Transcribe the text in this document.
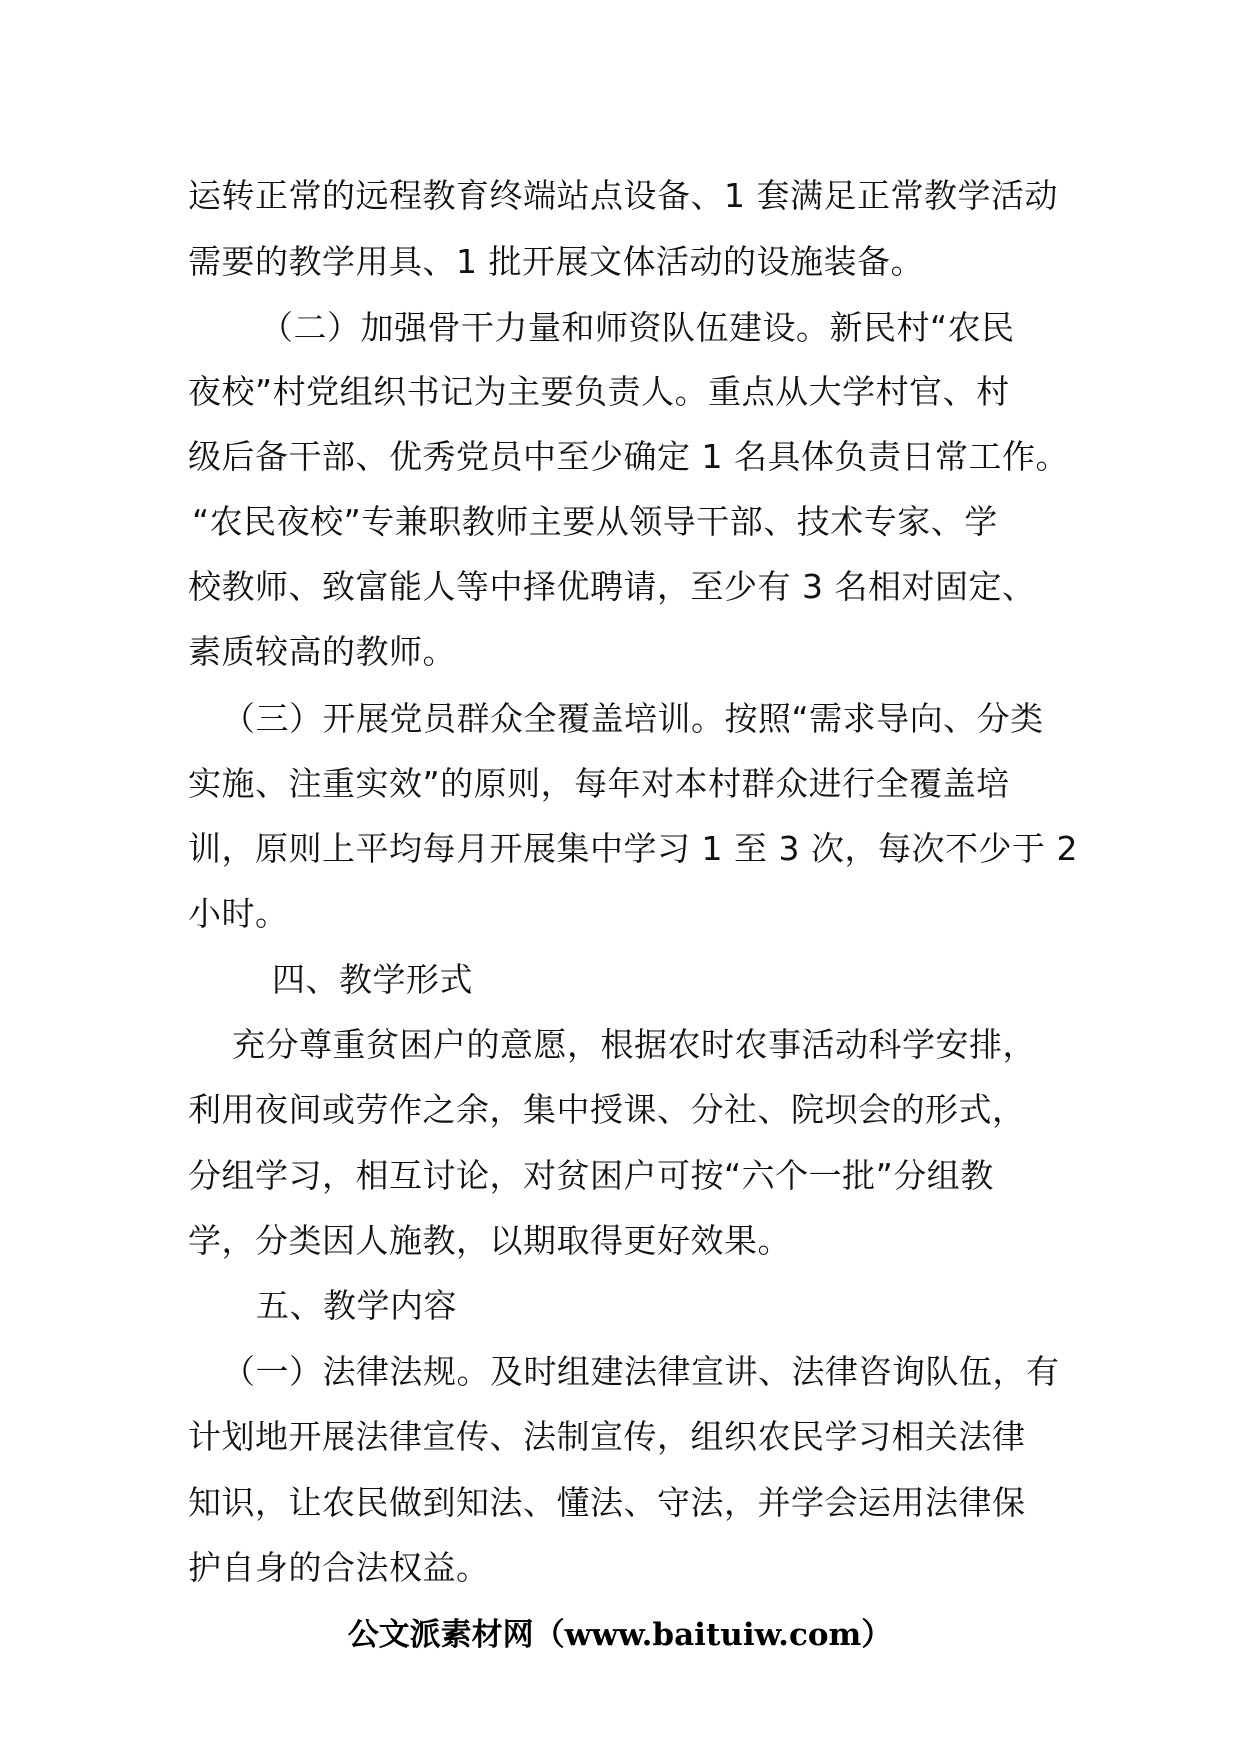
运转正常的远程教育终端站点设备、1 套满足正常教学活动
需要的教学用具、1 批开展文体活动的设施装备。
（二）加强骨干力量和师资队伍建设。新民村“农民
夜校”村党组织书记为主要负责人。重点从大学村官、村
级后备干部、优秀党员中至少确定 1 名具体负责日常工作。
“农民夜校”专兼职教师主要从领导干部、技术专家、学
校教师、致富能人等中择优聘请，至少有 3 名相对固定、
素质较高的教师。
（三）开展党员群众全覆盖培训。按照“需求导向、分类
实施、注重实效”的原则，每年对本村群众进行全覆盖培
训，原则上平均每月开展集中学习 1 至 3 次，每次不少于 2
小时。
四、教学形式
充分尊重贫困户的意愿，根据农时农事活动科学安排，
利用夜间或劳作之余，集中授课、分社、院坝会的形式，
分组学习，相互讨论，对贫困户可按“六个一批”分组教
学，分类因人施教，以期取得更好效果。
五、教学内容
（一）法律法规。及时组建法律宣讲、法律咨询队伍，有
计划地开展法律宣传、法制宣传，组织农民学习相关法律
知识，让农民做到知法、懂法、守法，并学会运用法律保
护自身的合法权益。
公文派素材网（www.baituiw.com）
